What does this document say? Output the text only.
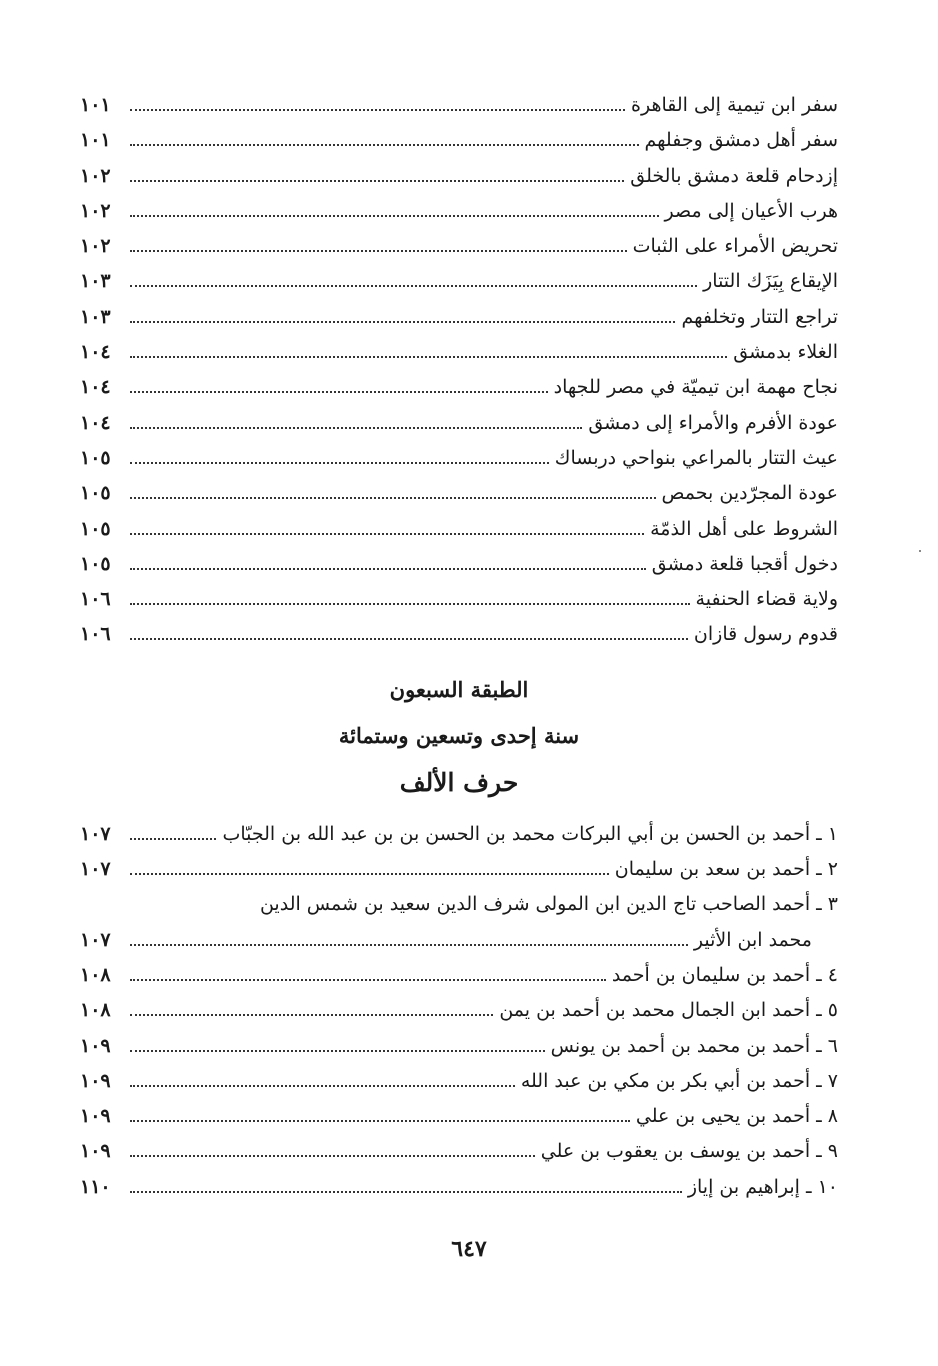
سفر ابن تيمية إلى القاهرة
١٠١
سفر أهل دمشق وجفلهم
١٠١
إزدحام قلعة دمشق بالخلق
١٠٢
هرب الأعيان إلى مصر
١٠٢
تحريض الأمراء على الثبات
١٠٢
الإيقاع بِيَزَك التتار
١٠٣
تراجع التتار وتخلفهم
١٠٣
الغلاء بدمشق
١٠٤
نجاح مهمة ابن تيميّة في مصر للجهاد
١٠٤
عودة الأفرم والأمراء إلى دمشق
١٠٤
عيث التتار بالمراعي بنواحي دربساك
١٠٥
عودة المجرّدين بحمص
١٠٥
الشروط على أهل الذمّة
١٠٥
دخول أقجبا قلعة دمشق
١٠٥
ولاية قضاء الحنفية
١٠٦
قدوم رسول قازان
١٠٦
الطبقة السبعون
سنة إحدى وتسعين وستمائة
حرف الألف
١ ـ أحمد بن الحسن بن أبي البركات محمد بن الحسن بن بن عبد الله بن الجبّاب
١٠٧
٢ ـ أحمد بن سعد بن سليمان
١٠٧
٣ ـ أحمد الصاحب تاج الدين ابن المولى شرف الدين سعيد بن شمس الدين
محمد ابن الأثير
١٠٧
٤ ـ أحمد بن سليمان بن أحمد
١٠٨
٥ ـ أحمد ابن الجمال محمد بن أحمد بن يمن
١٠٨
٦ ـ أحمد بن محمد بن أحمد بن يونس
١٠٩
٧ ـ أحمد بن أبي بكر بن مكي بن عبد الله
١٠٩
٨ ـ أحمد بن يحيى بن علي
١٠٩
٩ ـ أحمد بن يوسف بن يعقوب بن علي
١٠٩
١٠ ـ إبراهيم بن إياز
١١٠
٦٤٧
